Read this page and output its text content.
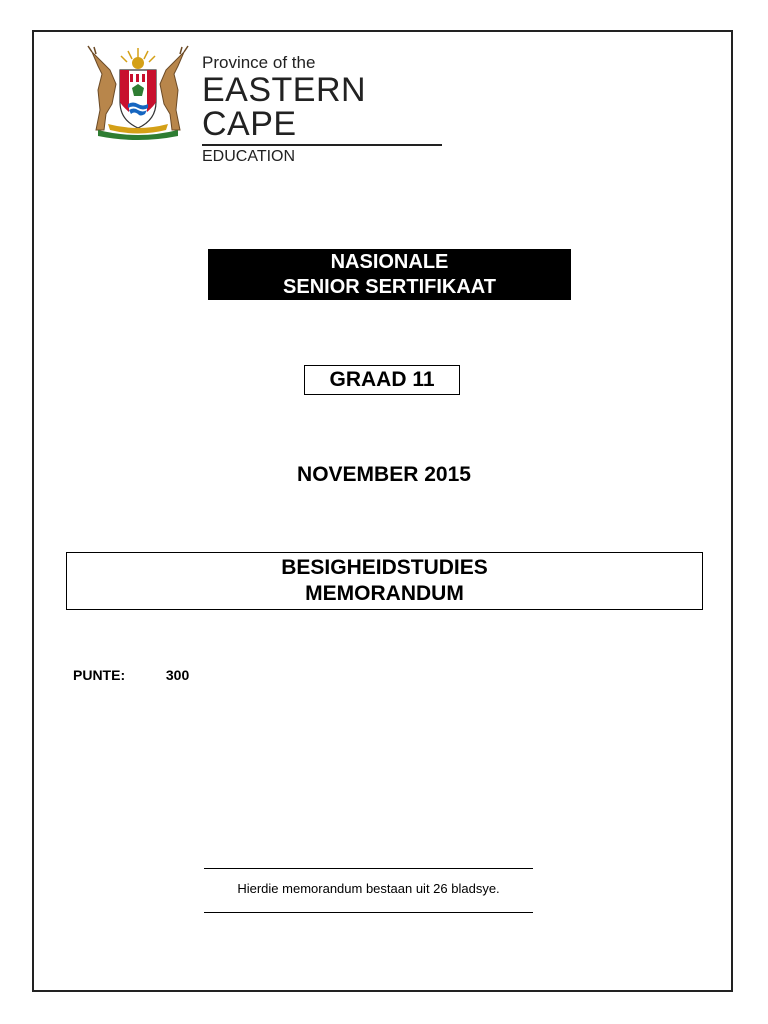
Province of the
EASTERN CAPE
EDUCATION
NASIONALE
SENIOR SERTIFIKAAT
GRAAD 11
NOVEMBER 2015
BESIGHEIDSTUDIES
MEMORANDUM
PUNTE:	300
Hierdie memorandum bestaan uit 26 bladsye.
